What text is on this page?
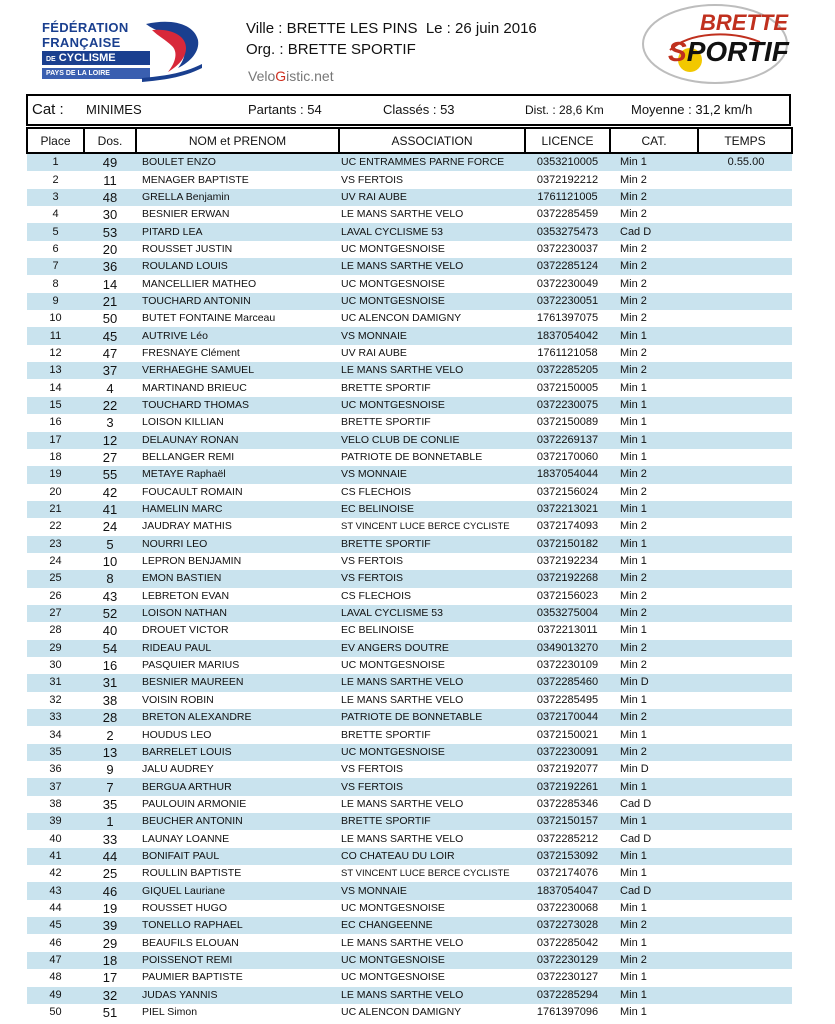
FÉDÉRATION
FRANÇAISE
DE CYCLISME
PAYS DE LA LOIRE
Ville : BRETTE LES PINS Le : 26 juin 2016
Org. : BRETTE SPORTIF
VeloGistic.net
BRETTE
SPORTIF
Cat : MINIMES	Partants : 54	Classés : 53	Dist. : 28,6 Km Moyenne : 31,2 km/h
Place	Dos.	NOM et PRENOM	ASSOCIATION	LICENCE	CAT.	TEMPS
1	49	BOULET ENZO	UC ENTRAMMES PARNE FORCE	0353210005	Min 1	0.55.00
2	11	MENAGER BAPTISTE	VS FERTOIS	0372192212	Min 2	
3	48	GRELLA Benjamin	UV RAI AUBE	1761121005	Min 2	
4	30	BESNIER ERWAN	LE MANS SARTHE VELO	0372285459	Min 2	
5	53	PITARD LEA	LAVAL CYCLISME 53	0353275473	Cad D	
6	20	ROUSSET JUSTIN	UC MONTGESNOISE	0372230037	Min 2	
7	36	ROULAND LOUIS	LE MANS SARTHE VELO	0372285124	Min 2	
8	14	MANCELLIER MATHEO	UC MONTGESNOISE	0372230049	Min 2	
9	21	TOUCHARD ANTONIN	UC MONTGESNOISE	0372230051	Min 2	
10	50	BUTET FONTAINE Marceau	UC ALENCON DAMIGNY	1761397075	Min 2	
11	45	AUTRIVE Léo	VS MONNAIE	1837054042	Min 1	
12	47	FRESNAYE Clément	UV RAI AUBE	1761121058	Min 2	
13	37	VERHAEGHE SAMUEL	LE MANS SARTHE VELO	0372285205	Min 2	
14	4	MARTINAND BRIEUC	BRETTE SPORTIF	0372150005	Min 1	
15	22	TOUCHARD THOMAS	UC MONTGESNOISE	0372230075	Min 1	
16	3	LOISON KILLIAN	BRETTE SPORTIF	0372150089	Min 1	
17	12	DELAUNAY RONAN	VELO CLUB DE CONLIE	0372269137	Min 1	
18	27	BELLANGER REMI	PATRIOTE DE BONNETABLE	0372170060	Min 1	
19	55	METAYE Raphaël	VS MONNAIE	1837054044	Min 2	
20	42	FOUCAULT ROMAIN	CS FLECHOIS	0372156024	Min 2	
21	41	HAMELIN MARC	EC BELINOISE	0372213021	Min 1	
22	24	JAUDRAY MATHIS	ST VINCENT LUCE BERCE CYCLISTE	0372174093	Min 2	
23	5	NOURRI LEO	BRETTE SPORTIF	0372150182	Min 1	
24	10	LEPRON BENJAMIN	VS FERTOIS	0372192234	Min 1	
25	8	EMON BASTIEN	VS FERTOIS	0372192268	Min 2	
26	43	LEBRETON EVAN	CS FLECHOIS	0372156023	Min 2	
27	52	LOISON NATHAN	LAVAL CYCLISME 53	0353275004	Min 2	
28	40	DROUET VICTOR	EC BELINOISE	0372213011	Min 1	
29	54	RIDEAU PAUL	EV ANGERS DOUTRE	0349013270	Min 2	
30	16	PASQUIER MARIUS	UC MONTGESNOISE	0372230109	Min 2	
31	31	BESNIER MAUREEN	LE MANS SARTHE VELO	0372285460	Min D	
32	38	VOISIN ROBIN	LE MANS SARTHE VELO	0372285495	Min 1	
33	28	BRETON ALEXANDRE	PATRIOTE DE BONNETABLE	0372170044	Min 2	
34	2	HOUDUS LEO	BRETTE SPORTIF	0372150021	Min 1	
35	13	BARRELET LOUIS	UC MONTGESNOISE	0372230091	Min 2	
36	9	JALU AUDREY	VS FERTOIS	0372192077	Min D	
37	7	BERGUA ARTHUR	VS FERTOIS	0372192261	Min 1	
38	35	PAULOUIN ARMONIE	LE MANS SARTHE VELO	0372285346	Cad D	
39	1	BEUCHER ANTONIN	BRETTE SPORTIF	0372150157	Min 1	
40	33	LAUNAY LOANNE	LE MANS SARTHE VELO	0372285212	Cad D	
41	44	BONIFAIT PAUL	CO CHATEAU DU LOIR	0372153092	Min 1	
42	25	ROULLIN BAPTISTE	ST VINCENT LUCE BERCE CYCLISTE	0372174076	Min 1	
43	46	GIQUEL Lauriane	VS MONNAIE	1837054047	Cad D	
44	19	ROUSSET HUGO	UC MONTGESNOISE	0372230068	Min 1	
45	39	TONELLO RAPHAEL	EC CHANGEENNE	0372273028	Min 2	
46	29	BEAUFILS ELOUAN	LE MANS SARTHE VELO	0372285042	Min 1	
47	18	POISSENOT REMI	UC MONTGESNOISE	0372230129	Min 2	
48	17	PAUMIER BAPTISTE	UC MONTGESNOISE	0372230127	Min 1	
49	32	JUDAS YANNIS	LE MANS SARTHE VELO	0372285294	Min 1	
50	51	PIEL Simon	UC ALENCON DAMIGNY	1761397096	Min 1	
